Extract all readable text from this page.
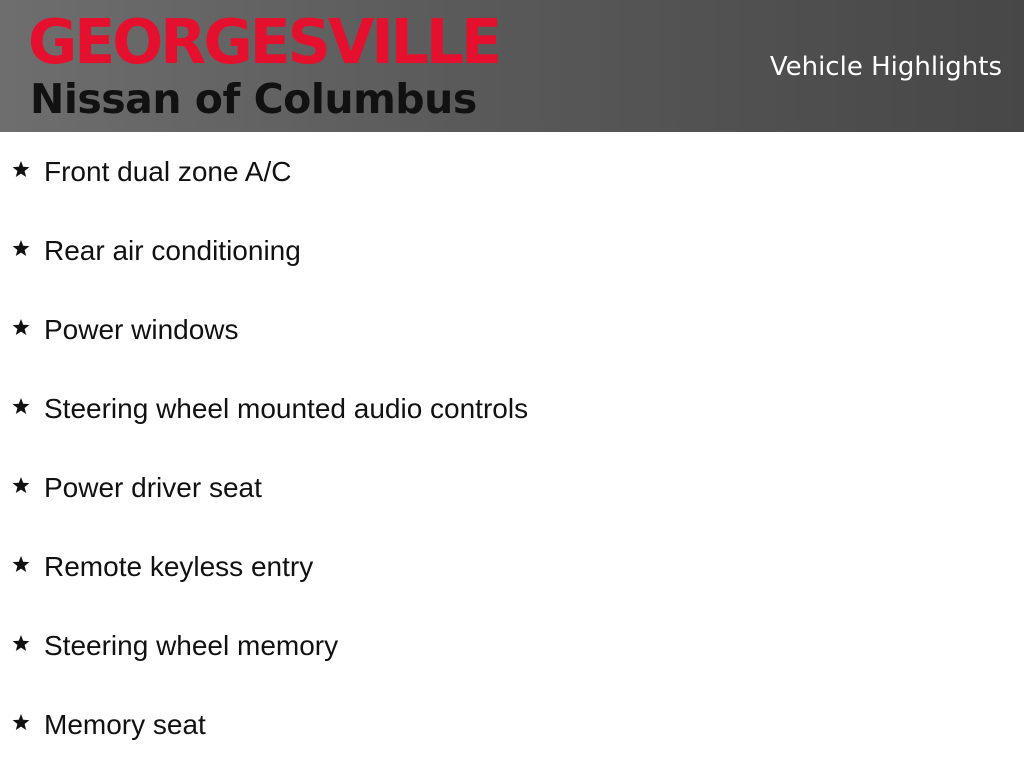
GEORGESVILLE
Nissan of Columbus
Vehicle Highlights
Front dual zone A/C
Rear air conditioning
Power windows
Steering wheel mounted audio controls
Power driver seat
Remote keyless entry
Steering wheel memory
Memory seat
